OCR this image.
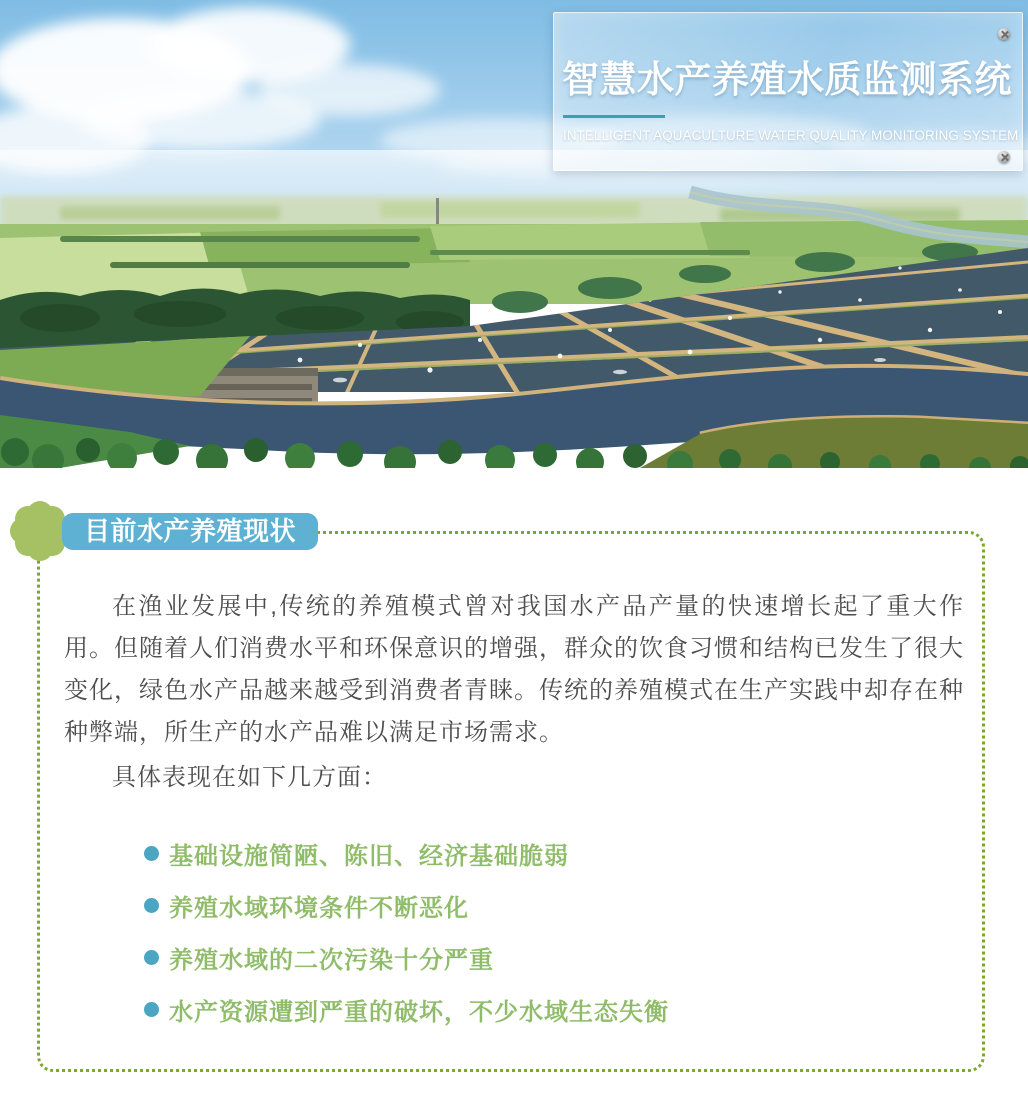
智慧水产养殖水质监测系统
INTELLIGENT AQUACULTURE WATER QUALITY MONITORING SYSTEM
目前水产养殖现状

在渔业发展中,传统的养殖模式曾对我国水产品产量的快速增长起了重大作用。但随着人们消费水平和环保意识的增强，群众的饮食习惯和结构已发生了很大变化，绿色水产品越来越受到消费者青睐。传统的养殖模式在生产实践中却存在种种弊端，所生产的水产品难以满足市场需求。

具体表现在如下几方面：

基础设施简陋、陈旧、经济基础脆弱
养殖水域环境条件不断恶化
养殖水域的二次污染十分严重
水产资源遭到严重的破坏，不少水域生态失衡
